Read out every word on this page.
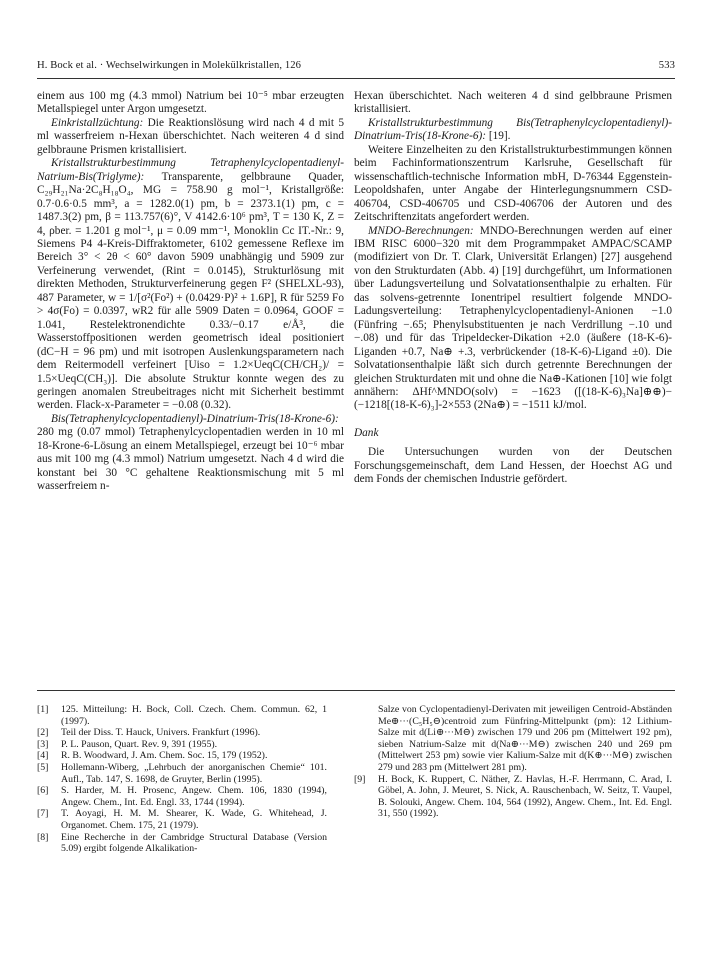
H. Bock et al. · Wechselwirkungen in Molekülkristallen, 126	533

einem aus 100 mg (4.3 mmol) Natrium bei 10⁻⁵ mbar erzeugten Metallspiegel unter Argon umgesetzt.

Einkristallzüchtung: Die Reaktionslösung wird nach 4 d mit 5 ml wasserfreiem n-Hexan überschichtet. Nach weiteren 4 d sind gelbbraune Prismen kristallisiert.

Kristallstrukturbestimmung Tetraphenylcyclopentadienyl-Natrium-Bis(Triglyme): Transparente, gelbbraune Quader, C₂₉H₂₁Na·2C₈H₁₈O₄, MG = 758.90 g mol⁻¹, Kristallgröße: 0.7·0.6·0.5 mm³, a = 1282.0(1) pm, b = 2373.1(1) pm, c = 1487.3(2) pm, β = 113.757(6)°, V 4142.6·10⁶ pm³, T = 130 K, Z = 4, ρber. = 1.201 g mol⁻¹, μ = 0.09 mm⁻¹, Monoklin Cc IT.-Nr.: 9, Siemens P4 4-Kreis-Diffraktometer, 6102 gemessene Reflexe im Bereich 3° < 2θ < 60° davon 5909 unabhängig und 5909 zur Verfeinerung verwendet, (Rint = 0.0145), Strukturlösung mit direkten Methoden, Strukturverfeinerung gegen F² (SHELXL-93), 487 Parameter, w = 1/[σ²(Fo²) + (0.0429·P)² + 1.6P], R für 5259 Fo > 4σ(Fo) = 0.0397, wR2 für alle 5909 Daten = 0.0964, GOOF = 1.041, Restelektronendichte 0.33/−0.17 e/Å³, die Wasserstoffpositionen werden geometrisch ideal positioniert (dC−H = 96 pm) und mit isotropen Auslenkungsparametern nach dem Reitermodell verfeinert [Uiso = 1.2×UeqC(CH/CH₂)/ = 1.5×UeqC(CH₃)]. Die absolute Struktur konnte wegen des zu geringen anomalen Streubeitrages nicht mit Sicherheit bestimmt werden. Flack-x-Parameter = −0.08 (0.32).

Bis(Tetraphenylcyclopentadienyl)-Dinatrium-Tris(18-Krone-6): 280 mg (0.07 mmol) Tetraphenylcyclopentadien werden in 10 ml 18-Krone-6-Lösung an einem Metallspiegel, erzeugt bei 10⁻⁶ mbar aus mit 100 mg (4.3 mmol) Natrium umgesetzt. Nach 4 d wird die konstant bei 30 °C gehaltene Reaktionsmischung mit 5 ml wasserfreiem n-

Hexan überschichtet. Nach weiteren 4 d sind gelbbraune Prismen kristallisiert.

Kristallstrukturbestimmung Bis(Tetraphenylcyclopentadienyl)-Dinatrium-Tris(18-Krone-6): [19].

Weitere Einzelheiten zu den Kristallstrukturbestimmungen können beim Fachinformationszentrum Karlsruhe, Gesellschaft für wissenschaftlich-technische Information mbH, D-76344 Eggenstein-Leopoldshafen, unter Angabe der Hinterlegungsnummern CSD-406704, CSD-406705 und CSD-406706 der Autoren und des Zeitschriftenzitats angefordert werden.

MNDO-Berechnungen: MNDO-Berechnungen werden auf einer IBM RISC 6000−320 mit dem Programmpaket AMPAC/SCAMP (modifiziert von Dr. T. Clark, Universität Erlangen) [27] ausgehend von den Strukturdaten (Abb. 4) [19] durchgeführt, um Informationen über Ladungsverteilung und Solvatationsenthalpie zu erhalten. Für das solvens-getrennte Ionentripel resultiert folgende MNDO-Ladungsverteilung: Tetraphenylcyclopentadienyl-Anionen −1.0 (Fünfring −.65; Phenylsubstituenten je nach Verdrillung −.10 und −.08) und für das Tripeldecker-Dikation +2.0 (äußere (18-K-6)-Liganden +0.7, Na⊕ +.3, verbrückender (18-K-6)-Ligand ±0). Die Solvatationsenthalpie läßt sich durch getrennte Berechnungen der gleichen Strukturdaten mit und ohne die Na⊕-Kationen [10] wie folgt annähern: ΔHf^MNDO(solv) = −1623 ([(18-K-6)₃Na]⊕⊕)−(−1218[(18-K-6)₃]-2×553 (2Na⊕) = −1511 kJ/mol.

Dank

Die Untersuchungen wurden von der Deutschen Forschungsgemeinschaft, dem Land Hessen, der Hoechst AG und dem Fonds der chemischen Industrie gefördert.

[1]	125. Mitteilung: H. Bock, Coll. Czech. Chem. Commun. 62, 1 (1997).
[2]	Teil der Diss. T. Hauck, Univers. Frankfurt (1996).
[3]	P. L. Pauson, Quart. Rev. 9, 391 (1955).
[4]	R. B. Woodward, J. Am. Chem. Soc. 15, 179 (1952).
[5]	Hollemann-Wiberg, „Lehrbuch der anorganischen Chemie“ 101. Aufl., Tab. 147, S. 1698, de Gruyter, Berlin (1995).
[6]	S. Harder, M. H. Prosenc, Angew. Chem. 106, 1830 (1994), Angew. Chem., Int. Ed. Engl. 33, 1744 (1994).
[7]	T. Aoyagi, H. M. M. Shearer, K. Wade, G. Whitehead, J. Organomet. Chem. 175, 21 (1979).
[8]	Eine Recherche in der Cambridge Structural Database (Version 5.09) ergibt folgende Alkalikation-
Salze von Cyclopentadienyl-Derivaten mit jeweiligen Centroid-Abständen Me⊕···(C₅H₅⊖)centroid zum Fünfring-Mittelpunkt (pm): 12 Lithium-Salze mit d(Li⊕···M⊖) zwischen 179 und 206 pm (Mittelwert 192 pm), sieben Natrium-Salze mit d(Na⊕···M⊖) zwischen 240 und 269 pm (Mittelwert 253 pm) sowie vier Kalium-Salze mit d(K⊕···M⊖) zwischen 279 und 283 pm (Mittelwert 281 pm).
[9]	H. Bock, K. Ruppert, C. Näther, Z. Havlas, H.-F. Herrmann, C. Arad, I. Göbel, A. John, J. Meuret, S. Nick, A. Rauschenbach, W. Seitz, T. Vaupel, B. Solouki, Angew. Chem. 104, 564 (1992), Angew. Chem., Int. Ed. Engl. 31, 550 (1992).
